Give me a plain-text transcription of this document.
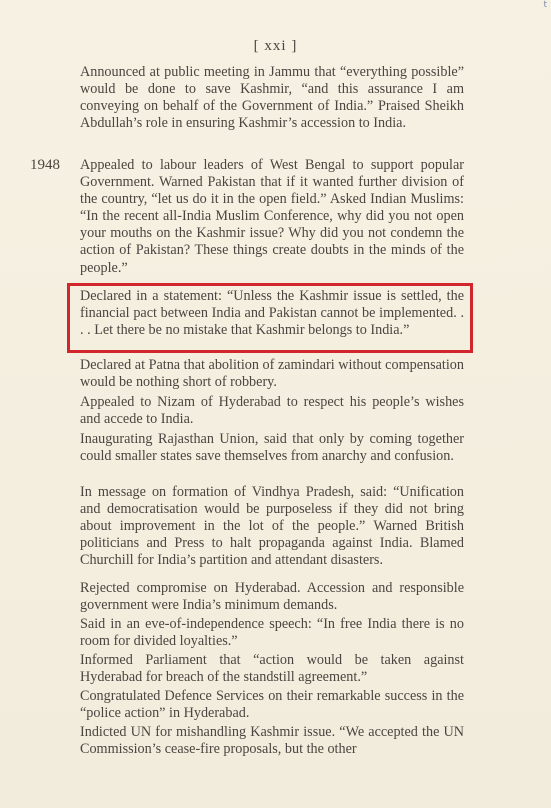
t
[ xxi ]
Announced at public meeting in Jammu that “everything possible” would be done to save Kashmir, “and this assurance I am conveying on behalf of the Government of India.” Praised Sheikh Abdullah’s role in ensuring Kashmir’s accession to India.
1948 Appealed to labour leaders of West Bengal to support popular Government. Warned Pakistan that if it wanted further division of the country, “let us do it in the open field.” Asked Indian Muslims: “In the recent all-India Muslim Conference, why did you not open your mouths on the Kashmir issue? Why did you not condemn the action of Pakistan? These things create doubts in the minds of the people.”
Declared in a statement: “Unless the Kashmir issue is settled, the financial pact between India and Pakistan cannot be implemented. . . . Let there be no mistake that Kashmir belongs to India.”
Declared at Patna that abolition of zamindari without compensation would be nothing short of robbery.
Appealed to Nizam of Hyderabad to respect his people’s wishes and accede to India.
Inaugurating Rajasthan Union, said that only by coming together could smaller states save themselves from anarchy and confusion.
In message on formation of Vindhya Pradesh, said: “Unification and democratisation would be purposeless if they did not bring about improvement in the lot of the people.” Warned British politicians and Press to halt propaganda against India. Blamed Churchill for India’s partition and attendant disasters.
Rejected compromise on Hyderabad. Accession and responsible government were India’s minimum demands.
Said in an eve-of-independence speech: “In free India there is no room for divided loyalties.”
Informed Parliament that “action would be taken against Hyderabad for breach of the standstill agreement.”
Congratulated Defence Services on their remarkable success in the “police action” in Hyderabad.
Indicted UN for mishandling Kashmir issue. “We accepted the UN Commission’s cease-fire proposals, but the other
